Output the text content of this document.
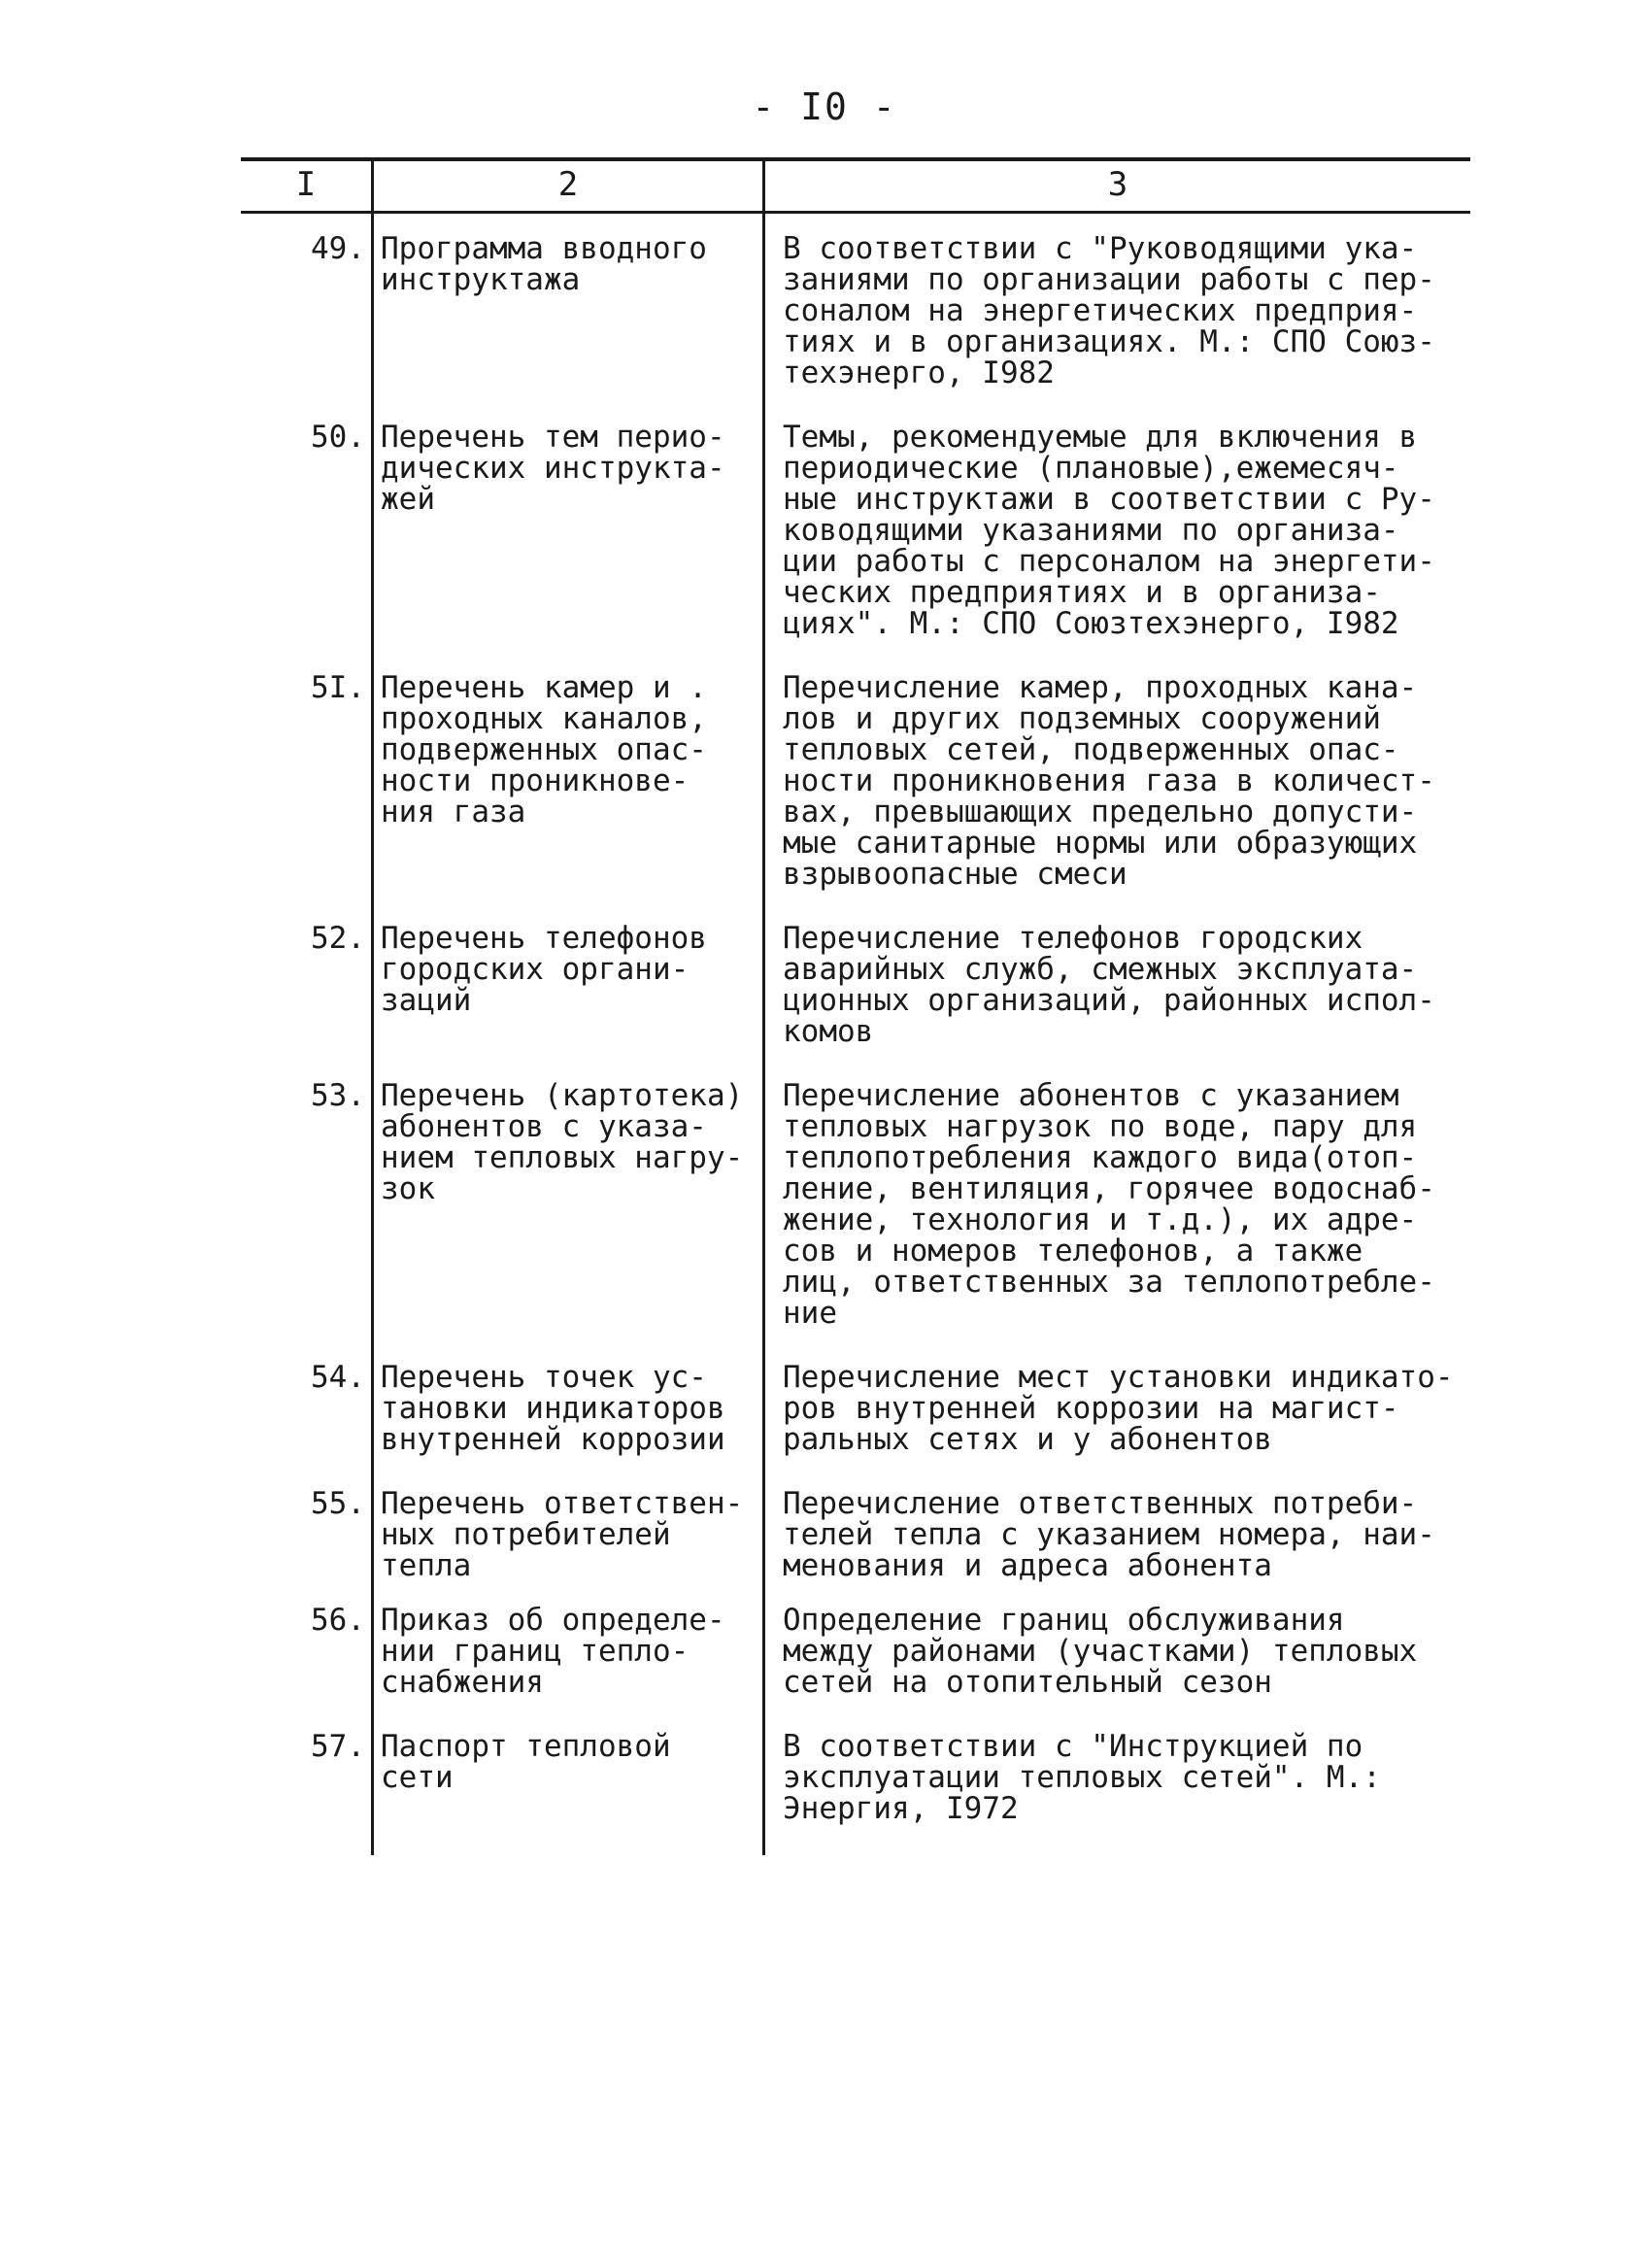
- I0 -
I	2	3
49. Программа вводного
инструктажа
В соответствии с "Руководящими ука-
заниями по организации работы с пер-
соналом на энергетических предприя-
тиях и в организациях. М.: СПО Союз-
техэнерго, I982
50. Перечень тем перио-
дических инструкта-
жей
Темы, рекомендуемые для включения в
периодические (плановые),ежемесяч-
ные инструктажи в соответствии с Ру-
ководящими указаниями по организа-
ции работы с персоналом на энергети-
ческих предприятиях и в организа-
циях". М.: СПО Союзтехэнерго, I982
5I. Перечень камер и .
проходных каналов,
подверженных опас-
ности проникнове-
ния газа
Перечисление камер, проходных кана-
лов и других подземных сооружений
тепловых сетей, подверженных опас-
ности проникновения газа в количест-
вах, превышающих предельно допусти-
мые санитарные нормы или образующих
взрывоопасные смеси
52. Перечень телефонов
городских органи-
заций
Перечисление телефонов городских
аварийных служб, смежных эксплуата-
ционных организаций, районных испол-
комов
53. Перечень (картотека)
абонентов с указа-
нием тепловых нагру-
зок
Перечисление абонентов с указанием
тепловых нагрузок по воде, пару для
теплопотребления каждого вида(отоп-
ление, вентиляция, горячее водоснаб-
жение, технология и т.д.), их адре-
сов и номеров телефонов, а также
лиц, ответственных за теплопотребле-
ние
54. Перечень точек ус-
тановки индикаторов
внутренней коррозии
Перечисление мест установки индикато-
ров внутренней коррозии на магист-
ральных сетях и у абонентов
55. Перечень ответствен-
ных потребителей
тепла
Перечисление ответственных потреби-
телей тепла с указанием номера, наи-
менования и адреса абонента
56. Приказ об определе-
нии границ тепло-
снабжения
Определение границ обслуживания
между районами (участками) тепловых
сетей на отопительный сезон
57. Паспорт тепловой
сети
В соответствии с "Инструкцией по
эксплуатации тепловых сетей". М.:
Энергия, I972
